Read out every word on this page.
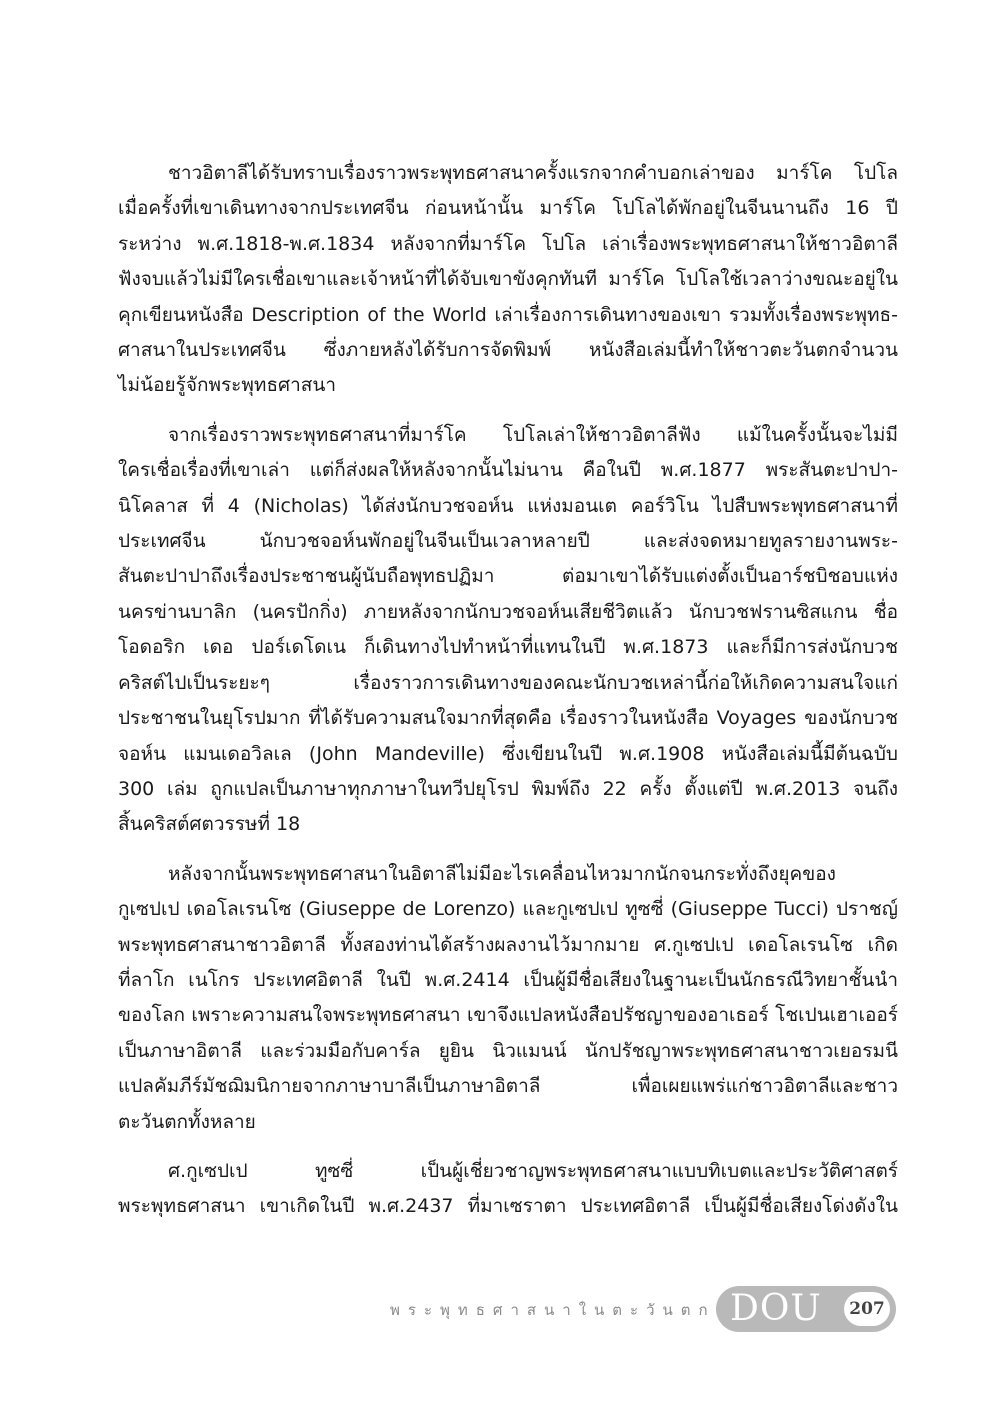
ชาวอิตาลีได้รับทราบเรื่องราวพระพุทธศาสนาครั้งแรกจากคำบอกเล่าของ มาร์โค โปโล
เมื่อครั้งที่เขาเดินทางจากประเทศจีน ก่อนหน้านั้น มาร์โค โปโลได้พักอยู่ในจีนนานถึง 16 ปี
ระหว่าง พ.ศ.1818-พ.ศ.1834 หลังจากที่มาร์โค โปโล เล่าเรื่องพระพุทธศาสนาให้ชาวอิตาลี
ฟังจบแล้วไม่มีใครเชื่อเขาและเจ้าหน้าที่ได้จับเขาขังคุกทันที มาร์โค โปโลใช้เวลาว่างขณะอยู่ใน
คุกเขียนหนังสือ Description of the World เล่าเรื่องการเดินทางของเขา รวมทั้งเรื่องพระพุทธ-
ศาสนาในประเทศจีน ซึ่งภายหลังได้รับการจัดพิมพ์ หนังสือเล่มนี้ทำให้ชาวตะวันตกจำนวน
ไม่น้อยรู้จักพระพุทธศาสนา

จากเรื่องราวพระพุทธศาสนาที่มาร์โค โปโลเล่าให้ชาวอิตาลีฟัง แม้ในครั้งนั้นจะไม่มี
ใครเชื่อเรื่องที่เขาเล่า แต่ก็ส่งผลให้หลังจากนั้นไม่นาน คือในปี พ.ศ.1877 พระสันตะปาปา-
นิโคลาส ที่ 4 (Nicholas) ได้ส่งนักบวชจอห์น แห่งมอนเต คอร์วิโน ไปสืบพระพุทธศาสนาที่
ประเทศจีน นักบวชจอห์นพักอยู่ในจีนเป็นเวลาหลายปี และส่งจดหมายทูลรายงานพระ-
สันตะปาปาถึงเรื่องประชาชนผู้นับถือพุทธปฏิมา ต่อมาเขาได้รับแต่งตั้งเป็นอาร์ชบิชอบแห่ง
นครข่านบาลิก (นครปักกิ่ง) ภายหลังจากนักบวชจอห์นเสียชีวิตแล้ว นักบวชฟรานซิสแกน ชื่อ
โอดอริก เดอ ปอร์เดโดเน ก็เดินทางไปทำหน้าที่แทนในปี พ.ศ.1873 และก็มีการส่งนักบวช
คริสต์ไปเป็นระยะๆ เรื่องราวการเดินทางของคณะนักบวชเหล่านี้ก่อให้เกิดความสนใจแก่
ประชาชนในยุโรปมาก ที่ได้รับความสนใจมากที่สุดคือ เรื่องราวในหนังสือ Voyages ของนักบวช
จอห์น แมนเดอวิลเล (John Mandeville) ซึ่งเขียนในปี พ.ศ.1908 หนังสือเล่มนี้มีต้นฉบับ
300 เล่ม ถูกแปลเป็นภาษาทุกภาษาในทวีปยุโรป พิมพ์ถึง 22 ครั้ง ตั้งแต่ปี พ.ศ.2013 จนถึง
สิ้นคริสต์ศตวรรษที่ 18

หลังจากนั้นพระพุทธศาสนาในอิตาลีไม่มีอะไรเคลื่อนไหวมากนักจนกระทั่งถึงยุคของ
กูเซปเป เดอโลเรนโซ (Giuseppe de Lorenzo) และกูเซปเป ทูซซี่ (Giuseppe Tucci) ปราชญ์
พระพุทธศาสนาชาวอิตาลี ทั้งสองท่านได้สร้างผลงานไว้มากมาย ศ.กูเซปเป เดอโลเรนโซ เกิด
ที่ลาโก เนโกร ประเทศอิตาลี ในปี พ.ศ.2414 เป็นผู้มีชื่อเสียงในฐานะเป็นนักธรณีวิทยาชั้นนำ
ของโลก เพราะความสนใจพระพุทธศาสนา เขาจึงแปลหนังสือปรัชญาของอาเธอร์ โชเปนเฮาเออร์
เป็นภาษาอิตาลี และร่วมมือกับคาร์ล ยูยิน นิวแมนน์ นักปรัชญาพระพุทธศาสนาชาวเยอรมนี
แปลคัมภีร์มัชฌิมนิกายจากภาษาบาลีเป็นภาษาอิตาลี เพื่อเผยแพร่แก่ชาวอิตาลีและชาว
ตะวันตกทั้งหลาย

ศ.กูเซปเป ทูซซี่ เป็นผู้เชี่ยวชาญพระพุทธศาสนาแบบทิเบตและประวัติศาสตร์
พระพุทธศาสนา เขาเกิดในปี พ.ศ.2437 ที่มาเซราตา ประเทศอิตาลี เป็นผู้มีชื่อเสียงโด่งดังใน

พระพุทธศาสนาในตะวันตก DOU	207
